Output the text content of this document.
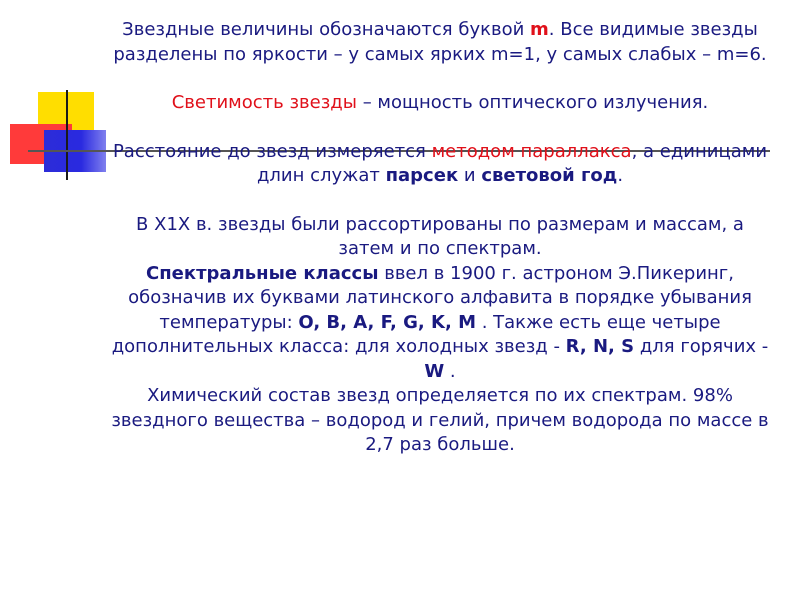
Звездные величины обозначаются буквой m. Все видимые звезды разделены по яркости – у самых ярких m=1, у самых слабых – m=6.

Светимость звезды – мощность оптического излучения.

Расстояние до звезд измеряется методом параллакса, а единицами длин служат парсек и световой год.

В Х1Х в. звезды были рассортированы по размерам и массам, а затем и по спектрам.

Спектральные классы ввел в 1900 г. астроном Э.Пикеринг, обозначив их буквами латинского алфавита в порядке убывания температуры: O, B, A, F, G, K, M . Также есть еще четыре дополнительных класса: для холодных звезд - R, N, S для горячих - W .

Химический состав звезд определяется по их спектрам. 98% звездного вещества – водород и гелий, причем водорода по массе в 2,7 раз больше.
